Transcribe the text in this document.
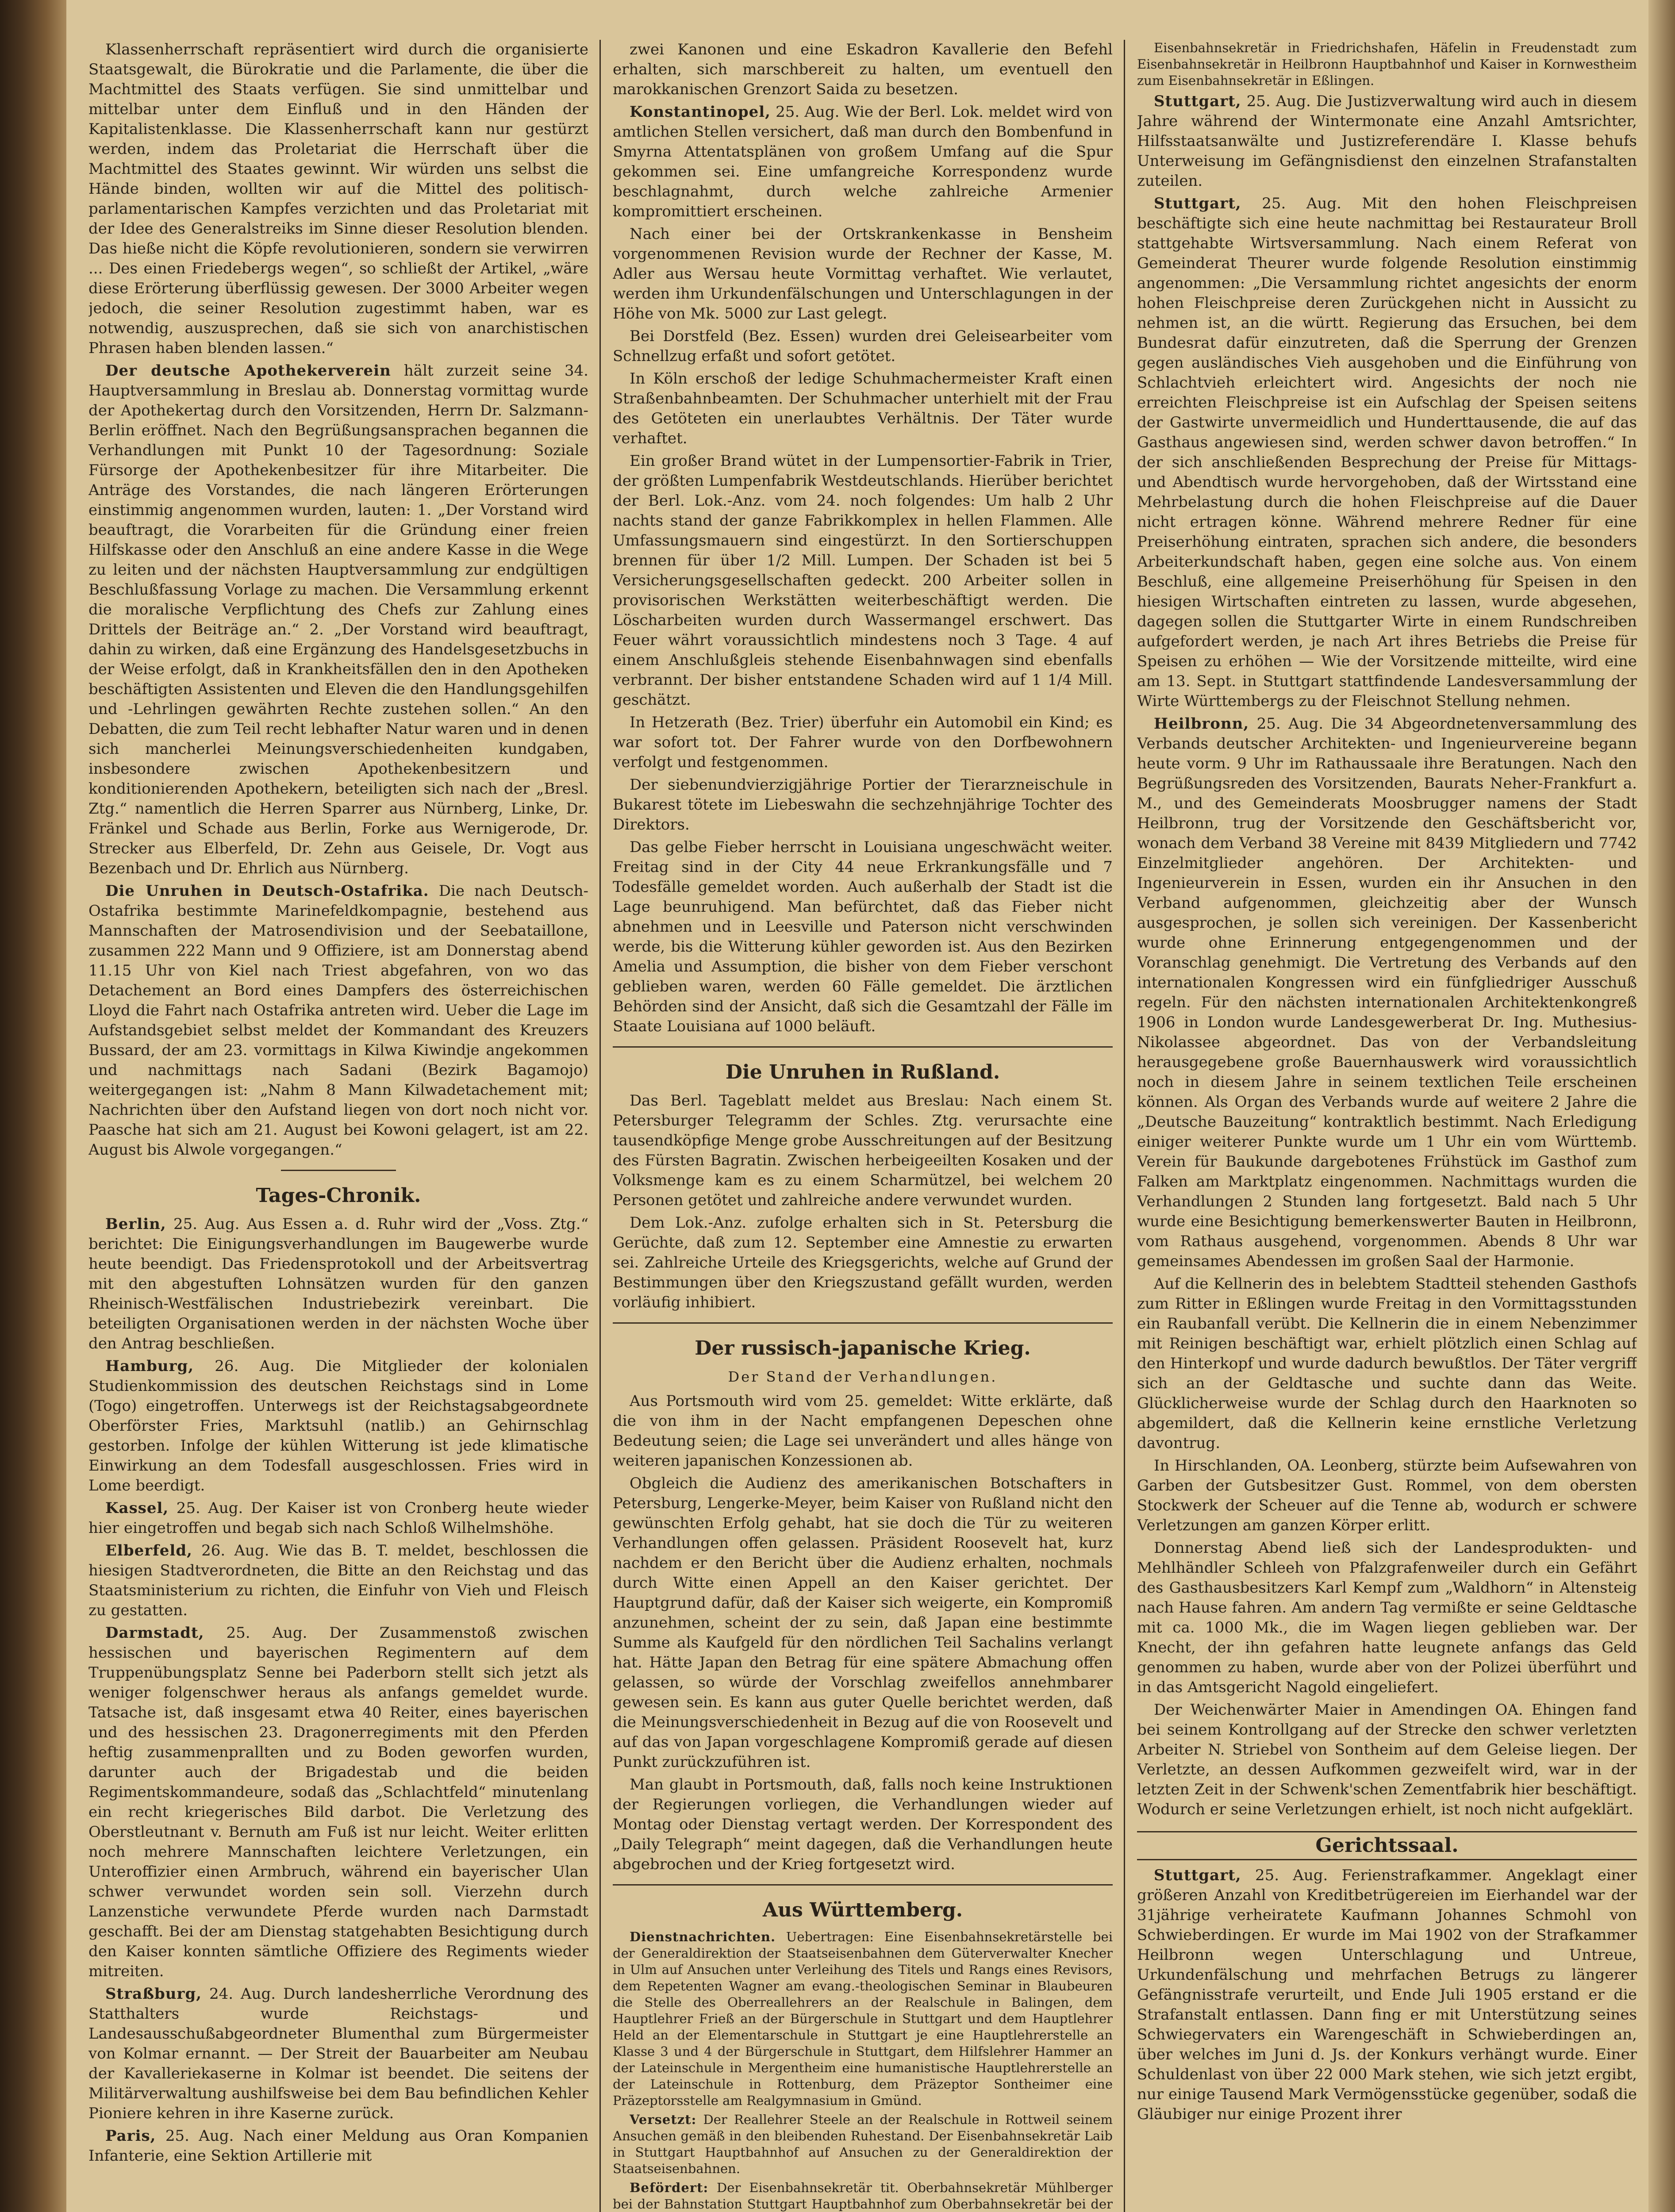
Klassenherrschaft repräsentiert wird durch die organisierte Staatsgewalt, die Bürokratie und die Parlamente, die über die Machtmittel des Staats verfügen. Sie sind unmittelbar und mittelbar unter dem Einfluß und in den Händen der Kapitalistenklasse. Die Klassenherrschaft kann nur gestürzt werden, indem das Proletariat die Herrschaft über die Machtmittel des Staates gewinnt. Wir würden uns selbst die Hände binden, wollten wir auf die Mittel des politisch-parlamentarischen Kampfes verzichten und das Proletariat mit der Idee des Generalstreiks im Sinne dieser Resolution blenden. Das hieße nicht die Köpfe revolutionieren, sondern sie verwirren ... Des einen Friedebergs wegen“, so schließt der Artikel, „wäre diese Erörterung überflüssig gewesen. Der 3000 Arbeiter wegen jedoch, die seiner Resolution zugestimmt haben, war es notwendig, auszusprechen, daß sie sich von anarchistischen Phrasen haben blenden lassen.“

Der deutsche Apothekerverein hält zurzeit seine 34. Hauptversammlung in Breslau ab. Donnerstag vormittag wurde der Apothekertag durch den Vorsitzenden, Herrn Dr. Salzmann-Berlin eröffnet. Nach den Begrüßungsansprachen begannen die Verhandlungen mit Punkt 10 der Tagesordnung: Soziale Fürsorge der Apothekenbesitzer für ihre Mitarbeiter. Die Anträge des Vorstandes, die nach längeren Erörterungen einstimmig angenommen wurden, lauten: 1. „Der Vorstand wird beauftragt, die Vorarbeiten für die Gründung einer freien Hilfskasse oder den Anschluß an eine andere Kasse in die Wege zu leiten und der nächsten Hauptversammlung zur endgültigen Beschlußfassung Vorlage zu machen. Die Versammlung erkennt die moralische Verpflichtung des Chefs zur Zahlung eines Drittels der Beiträge an.“ 2. „Der Vorstand wird beauftragt, dahin zu wirken, daß eine Ergänzung des Handelsgesetzbuchs in der Weise erfolgt, daß in Krankheitsfällen den in den Apotheken beschäftigten Assistenten und Eleven die den Handlungsgehilfen und -Lehrlingen gewährten Rechte zustehen sollen.“ An den Debatten, die zum Teil recht lebhafter Natur waren und in denen sich mancherlei Meinungsverschiedenheiten kundgaben, insbesondere zwischen Apothekenbesitzern und konditionierenden Apothekern, beteiligten sich nach der „Bresl. Ztg.“ namentlich die Herren Sparrer aus Nürnberg, Linke, Dr. Fränkel und Schade aus Berlin, Forke aus Wernigerode, Dr. Strecker aus Elberfeld, Dr. Zehn aus Geisele, Dr. Vogt aus Bezenbach und Dr. Ehrlich aus Nürnberg.

Die Unruhen in Deutsch-Ostafrika. Die nach Deutsch-Ostafrika bestimmte Marinefeldkompagnie, bestehend aus Mannschaften der Matrosendivision und der Seebataillone, zusammen 222 Mann und 9 Offiziere, ist am Donnerstag abend 11.15 Uhr von Kiel nach Triest abgefahren, von wo das Detachement an Bord eines Dampfers des österreichischen Lloyd die Fahrt nach Ostafrika antreten wird. Ueber die Lage im Aufstandsgebiet selbst meldet der Kommandant des Kreuzers Bussard, der am 23. vormittags in Kilwa Kiwindje angekommen und nachmittags nach Sadani (Bezirk Bagamojo) weitergegangen ist: „Nahm 8 Mann Kilwadetachement mit; Nachrichten über den Aufstand liegen von dort noch nicht vor. Paasche hat sich am 21. August bei Kowoni gelagert, ist am 22. August bis Alwole vorgegangen.“

Tages-Chronik.

Berlin, 25. Aug. Aus Essen a. d. Ruhr wird der „Voss. Ztg.“ berichtet: Die Einigungsverhandlungen im Baugewerbe wurde heute beendigt. Das Friedensprotokoll und der Arbeitsvertrag mit den abgestuften Lohnsätzen wurden für den ganzen Rheinisch-Westfälischen Industriebezirk vereinbart. Die beteiligten Organisationen werden in der nächsten Woche über den Antrag beschließen.

Hamburg, 26. Aug. Die Mitglieder der kolonialen Studienkommission des deutschen Reichstags sind in Lome (Togo) eingetroffen. Unterwegs ist der Reichstagsabgeordnete Oberförster Fries, Marktsuhl (natlib.) an Gehirnschlag gestorben. Infolge der kühlen Witterung ist jede klimatische Einwirkung an dem Todesfall ausgeschlossen. Fries wird in Lome beerdigt.

Kassel, 25. Aug. Der Kaiser ist von Cronberg heute wieder hier eingetroffen und begab sich nach Schloß Wilhelmshöhe.

Elberfeld, 26. Aug. Wie das B. T. meldet, beschlossen die hiesigen Stadtverordneten, die Bitte an den Reichstag und das Staatsministerium zu richten, die Einfuhr von Vieh und Fleisch zu gestatten.

Darmstadt, 25. Aug. Der Zusammenstoß zwischen hessischen und bayerischen Regimentern auf dem Truppenübungsplatz Senne bei Paderborn stellt sich jetzt als weniger folgenschwer heraus als anfangs gemeldet wurde. Tatsache ist, daß insgesamt etwa 40 Reiter, eines bayerischen und des hessischen 23. Dragonerregiments mit den Pferden heftig zusammenprallten und zu Boden geworfen wurden, darunter auch der Brigadestab und die beiden Regimentskommandeure, sodaß das „Schlachtfeld“ minutenlang ein recht kriegerisches Bild darbot. Die Verletzung des Oberstleutnant v. Bernuth am Fuß ist nur leicht. Weiter erlitten noch mehrere Mannschaften leichtere Verletzungen, ein Unteroffizier einen Armbruch, während ein bayerischer Ulan schwer verwundet worden sein soll. Vierzehn durch Lanzenstiche verwundete Pferde wurden nach Darmstadt geschafft. Bei der am Dienstag statgehabten Besichtigung durch den Kaiser konnten sämtliche Offiziere des Regiments wieder mitreiten.

Straßburg, 24. Aug. Durch landesherrliche Verordnung des Statthalters wurde Reichstags- und Landesausschußabgeordneter Blumenthal zum Bürgermeister von Kolmar ernannt. — Der Streit der Bauarbeiter am Neubau der Kavalleriekaserne in Kolmar ist beendet. Die seitens der Militärverwaltung aushilfsweise bei dem Bau befindlichen Kehler Pioniere kehren in ihre Kaserne zurück.

Paris, 25. Aug. Nach einer Meldung aus Oran Kompanien Infanterie, eine Sektion Artillerie mit

zwei Kanonen und eine Eskadron Kavallerie den Befehl erhalten, sich marschbereit zu halten, um eventuell den marokkanischen Grenzort Saida zu besetzen.

Konstantinopel, 25. Aug. Wie der Berl. Lok. meldet wird von amtlichen Stellen versichert, daß man durch den Bombenfund in Smyrna Attentatsplänen von großem Umfang auf die Spur gekommen sei. Eine umfangreiche Korrespondenz wurde beschlagnahmt, durch welche zahlreiche Armenier kompromittiert erscheinen.

Nach einer bei der Ortskrankenkasse in Bensheim vorgenommenen Revision wurde der Rechner der Kasse, M. Adler aus Wersau heute Vormittag verhaftet. Wie verlautet, werden ihm Urkundenfälschungen und Unterschlagungen in der Höhe von Mk. 5000 zur Last gelegt.

Bei Dorstfeld (Bez. Essen) wurden drei Geleisearbeiter vom Schnellzug erfaßt und sofort getötet.

In Köln erschoß der ledige Schuhmachermeister Kraft einen Straßenbahnbeamten. Der Schuhmacher unterhielt mit der Frau des Getöteten ein unerlaubtes Verhältnis. Der Täter wurde verhaftet.

Ein großer Brand wütet in der Lumpensortier-Fabrik in Trier, der größten Lumpenfabrik Westdeutschlands. Hierüber berichtet der Berl. Lok.-Anz. vom 24. noch folgendes: Um halb 2 Uhr nachts stand der ganze Fabrikkomplex in hellen Flammen. Alle Umfassungsmauern sind eingestürzt. In den Sortierschuppen brennen für über 1/2 Mill. Lumpen. Der Schaden ist bei 5 Versicherungsgesellschaften gedeckt. 200 Arbeiter sollen in provisorischen Werkstätten weiterbeschäftigt werden. Die Löscharbeiten wurden durch Wassermangel erschwert. Das Feuer währt voraussichtlich mindestens noch 3 Tage. 4 auf einem Anschlußgleis stehende Eisenbahnwagen sind ebenfalls verbrannt. Der bisher entstandene Schaden wird auf 1 1/4 Mill. geschätzt.

In Hetzerath (Bez. Trier) überfuhr ein Automobil ein Kind; es war sofort tot. Der Fahrer wurde von den Dorfbewohnern verfolgt und festgenommen.

Der siebenundvierzigjährige Portier der Tierarzneischule in Bukarest tötete im Liebeswahn die sechzehnjährige Tochter des Direktors.

Das gelbe Fieber herrscht in Louisiana ungeschwächt weiter. Freitag sind in der City 44 neue Erkrankungsfälle und 7 Todesfälle gemeldet worden. Auch außerhalb der Stadt ist die Lage beunruhigend. Man befürchtet, daß das Fieber nicht abnehmen und in Leesville und Paterson nicht verschwinden werde, bis die Witterung kühler geworden ist. Aus den Bezirken Amelia und Assumption, die bisher von dem Fieber verschont geblieben waren, werden 60 Fälle gemeldet. Die ärztlichen Behörden sind der Ansicht, daß sich die Gesamtzahl der Fälle im Staate Louisiana auf 1000 beläuft.

Die Unruhen in Rußland.

Das Berl. Tageblatt meldet aus Breslau: Nach einem St. Petersburger Telegramm der Schles. Ztg. verursachte eine tausendköpfige Menge grobe Ausschreitungen auf der Besitzung des Fürsten Bagratin. Zwischen herbeigeeilten Kosaken und der Volksmenge kam es zu einem Scharmützel, bei welchem 20 Personen getötet und zahlreiche andere verwundet wurden.

Dem Lok.-Anz. zufolge erhalten sich in St. Petersburg die Gerüchte, daß zum 12. September eine Amnestie zu erwarten sei. Zahlreiche Urteile des Kriegsgerichts, welche auf Grund der Bestimmungen über den Kriegszustand gefällt wurden, werden vorläufig inhibiert.

Der russisch-japanische Krieg.
Der Stand der Verhandlungen.

Aus Portsmouth wird vom 25. gemeldet: Witte erklärte, daß die von ihm in der Nacht empfangenen Depeschen ohne Bedeutung seien; die Lage sei unverändert und alles hänge von weiteren japanischen Konzessionen ab.

Obgleich die Audienz des amerikanischen Botschafters in Petersburg, Lengerke-Meyer, beim Kaiser von Rußland nicht den gewünschten Erfolg gehabt, hat sie doch die Tür zu weiteren Verhandlungen offen gelassen. Präsident Roosevelt hat, kurz nachdem er den Bericht über die Audienz erhalten, nochmals durch Witte einen Appell an den Kaiser gerichtet. Der Hauptgrund dafür, daß der Kaiser sich weigerte, ein Kompromiß anzunehmen, scheint der zu sein, daß Japan eine bestimmte Summe als Kaufgeld für den nördlichen Teil Sachalins verlangt hat. Hätte Japan den Betrag für eine spätere Abmachung offen gelassen, so würde der Vorschlag zweifellos annehmbarer gewesen sein. Es kann aus guter Quelle berichtet werden, daß die Meinungsverschiedenheit in Bezug auf die von Roosevelt und auf das von Japan vorgeschlagene Kompromiß gerade auf diesen Punkt zurückzuführen ist.

Man glaubt in Portsmouth, daß, falls noch keine Instruktionen der Regierungen vorliegen, die Verhandlungen wieder auf Montag oder Dienstag vertagt werden. Der Korrespondent des „Daily Telegraph“ meint dagegen, daß die Verhandlungen heute abgebrochen und der Krieg fortgesetzt wird.

Aus Württemberg.

Dienstnachrichten. Uebertragen: Eine Eisenbahnsekretärstelle bei der Generaldirektion der Staatseisenbahnen dem Güterverwalter Knecher in Ulm auf Ansuchen unter Verleihung des Titels und Rangs eines Revisors, dem Repetenten Wagner am evang.-theologischen Seminar in Blaubeuren die Stelle des Oberreallehrers an der Realschule in Balingen, dem Hauptlehrer Frieß an der Bürgerschule in Stuttgart und dem Hauptlehrer Held an der Elementarschule in Stuttgart je eine Hauptlehrerstelle an Klasse 3 und 4 der Bürgerschule in Stuttgart, dem Hilfslehrer Hammer an der Lateinschule in Mergentheim eine humanistische Hauptlehrerstelle an der Lateinschule in Rottenburg, dem Präzeptor Sontheimer eine Präzeptorsstelle am Realgymnasium in Gmünd.

Versetzt: Der Reallehrer Steele an der Realschule in Rottweil seinem Ansuchen gemäß in den bleibenden Ruhestand. Der Eisenbahnsekretär Laib in Stuttgart Hauptbahnhof auf Ansuchen zu der Generaldirektion der Staatseisenbahnen.

Befördert: Der Eisenbahnsekretär tit. Oberbahnsekretär Mühlberger bei der Bahnstation Stuttgart Hauptbahnhof zum Oberbahnsekretär bei der

Eisenbahnsekretär in Friedrichshafen, Häfelin in Freudenstadt zum Eisenbahnsekretär in Heilbronn Hauptbahnhof und Kaiser in Kornwestheim zum Eisenbahnsekretär in Eßlingen.

Stuttgart, 25. Aug. Die Justizverwaltung wird auch in diesem Jahre während der Wintermonate eine Anzahl Amtsrichter, Hilfsstaatsanwälte und Justizreferendäre I. Klasse behufs Unterweisung im Gefängnisdienst den einzelnen Strafanstalten zuteilen.

Stuttgart, 25. Aug. Mit den hohen Fleischpreisen beschäftigte sich eine heute nachmittag bei Restaurateur Broll stattgehabte Wirtsversammlung. Nach einem Referat von Gemeinderat Theurer wurde folgende Resolution einstimmig angenommen: „Die Versammlung richtet angesichts der enorm hohen Fleischpreise deren Zurückgehen nicht in Aussicht zu nehmen ist, an die württ. Regierung das Ersuchen, bei dem Bundesrat dafür einzutreten, daß die Sperrung der Grenzen gegen ausländisches Vieh ausgehoben und die Einführung von Schlachtvieh erleichtert wird. Angesichts der noch nie erreichten Fleischpreise ist ein Aufschlag der Speisen seitens der Gastwirte unvermeidlich und Hunderttausende, die auf das Gasthaus angewiesen sind, werden schwer davon betroffen.“ In der sich anschließenden Besprechung der Preise für Mittags- und Abendtisch wurde hervorgehoben, daß der Wirtsstand eine Mehrbelastung durch die hohen Fleischpreise auf die Dauer nicht ertragen könne. Während mehrere Redner für eine Preiserhöhung eintraten, sprachen sich andere, die besonders Arbeiterkundschaft haben, gegen eine solche aus. Von einem Beschluß, eine allgemeine Preiserhöhung für Speisen in den hiesigen Wirtschaften eintreten zu lassen, wurde abgesehen, dagegen sollen die Stuttgarter Wirte in einem Rundschreiben aufgefordert werden, je nach Art ihres Betriebs die Preise für Speisen zu erhöhen — Wie der Vorsitzende mitteilte, wird eine am 13. Sept. in Stuttgart stattfindende Landesversammlung der Wirte Württembergs zu der Fleischnot Stellung nehmen.

Heilbronn, 25. Aug. Die 34 Abgeordnetenversammlung des Verbands deutscher Architekten- und Ingenieurvereine begann heute vorm. 9 Uhr im Rathaussaale ihre Beratungen. Nach den Begrüßungsreden des Vorsitzenden, Baurats Neher-Frankfurt a. M., und des Gemeinderats Moosbrugger namens der Stadt Heilbronn, trug der Vorsitzende den Geschäftsbericht vor, wonach dem Verband 38 Vereine mit 8439 Mitgliedern und 7742 Einzelmitglieder angehören. Der Architekten- und Ingenieurverein in Essen, wurden ein ihr Ansuchen in den Verband aufgenommen, gleichzeitig aber der Wunsch ausgesprochen, je sollen sich vereinigen. Der Kassenbericht wurde ohne Erinnerung entgegengenommen und der Voranschlag genehmigt. Die Vertretung des Verbands auf den internationalen Kongressen wird ein fünfgliedriger Ausschuß regeln. Für den nächsten internationalen Architektenkongreß 1906 in London wurde Landesgewerberat Dr. Ing. Muthesius-Nikolassee abgeordnet. Das von der Verbandsleitung herausgegebene große Bauernhauswerk wird voraussichtlich noch in diesem Jahre in seinem textlichen Teile erscheinen können. Als Organ des Verbands wurde auf weitere 2 Jahre die „Deutsche Bauzeitung“ kontraktlich bestimmt. Nach Erledigung einiger weiterer Punkte wurde um 1 Uhr ein vom Württemb. Verein für Baukunde dargebotenes Frühstück im Gasthof zum Falken am Marktplatz eingenommen. Nachmittags wurden die Verhandlungen 2 Stunden lang fortgesetzt. Bald nach 5 Uhr wurde eine Besichtigung bemerkenswerter Bauten in Heilbronn, vom Rathaus ausgehend, vorgenommen. Abends 8 Uhr war gemeinsames Abendessen im großen Saal der Harmonie.

Auf die Kellnerin des in belebtem Stadtteil stehenden Gasthofs zum Ritter in Eßlingen wurde Freitag in den Vormittagsstunden ein Raubanfall verübt. Die Kellnerin die in einem Nebenzimmer mit Reinigen beschäftigt war, erhielt plötzlich einen Schlag auf den Hinterkopf und wurde dadurch bewußtlos. Der Täter vergriff sich an der Geldtasche und suchte dann das Weite. Glücklicherweise wurde der Schlag durch den Haarknoten so abgemildert, daß die Kellnerin keine ernstliche Verletzung davontrug.

In Hirschlanden, OA. Leonberg, stürzte beim Aufsewahren von Garben der Gutsbesitzer Gust. Rommel, von dem obersten Stockwerk der Scheuer auf die Tenne ab, wodurch er schwere Verletzungen am ganzen Körper erlitt.

Donnerstag Abend ließ sich der Landesprodukten- und Mehlhändler Schleeh von Pfalzgrafenweiler durch ein Gefährt des Gasthausbesitzers Karl Kempf zum „Waldhorn“ in Altensteig nach Hause fahren. Am andern Tag vermißte er seine Geldtasche mit ca. 1000 Mk., die im Wagen liegen geblieben war. Der Knecht, der ihn gefahren hatte leugnete anfangs das Geld genommen zu haben, wurde aber von der Polizei überführt und in das Amtsgericht Nagold eingeliefert.

Der Weichenwärter Maier in Amendingen OA. Ehingen fand bei seinem Kontrollgang auf der Strecke den schwer verletzten Arbeiter N. Striebel von Sontheim auf dem Geleise liegen. Der Verletzte, an dessen Aufkommen gezweifelt wird, war in der letzten Zeit in der Schwenk'schen Zementfabrik hier beschäftigt. Wodurch er seine Verletzungen erhielt, ist noch nicht aufgeklärt.

Gerichtssaal.

Stuttgart, 25. Aug. Ferienstrafkammer. Angeklagt einer größeren Anzahl von Kreditbetrügereien im Eierhandel war der 31jährige verheiratete Kaufmann Johannes Schmohl von Schwieberdingen. Er wurde im Mai 1902 von der Strafkammer Heilbronn wegen Unterschlagung und Untreue, Urkundenfälschung und mehrfachen Betrugs zu längerer Gefängnisstrafe verurteilt, und Ende Juli 1905 erstand er die Strafanstalt entlassen. Dann fing er mit Unterstützung seines Schwiegervaters ein Warengeschäft in Schwieberdingen an, über welches im Juni d. Js. der Konkurs verhängt wurde. Einer Schuldenlast von über 22 000 Mark stehen, wie sich jetzt ergibt, nur einige Tausend Mark Vermögensstücke gegenüber, sodaß die Gläubiger nur einige Prozent ihrer
